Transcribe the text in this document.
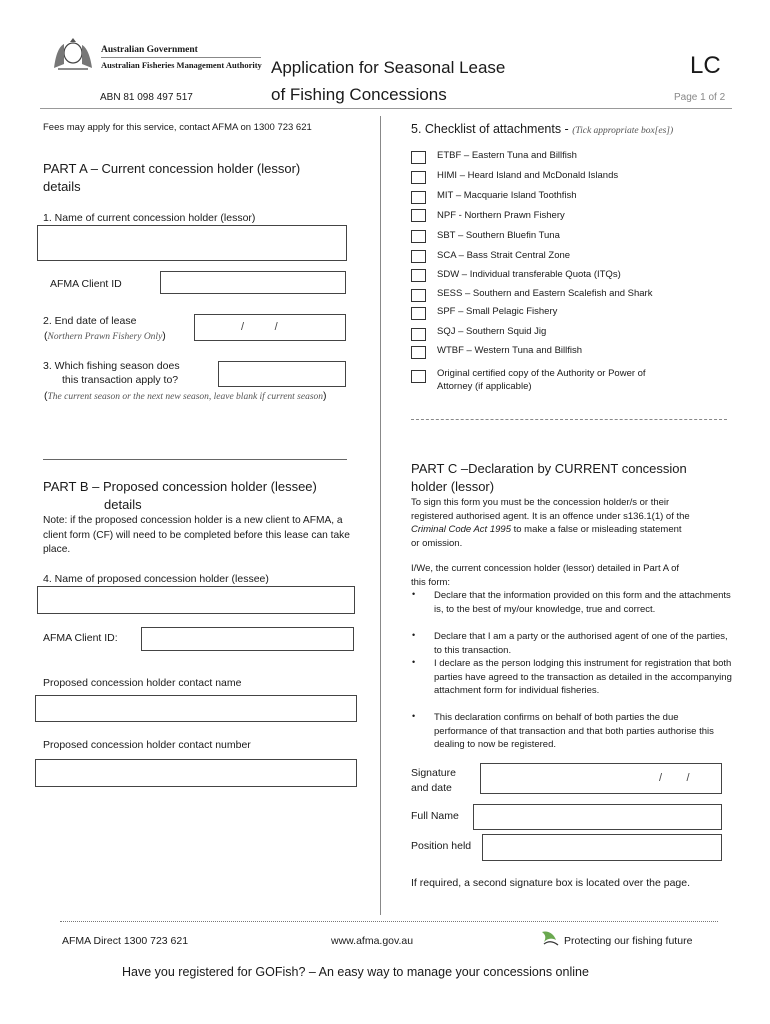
Australian Government
Australian Fisheries Management Authority
ABN 81 098 497 517
Application for Seasonal Lease
of Fishing Concessions
LC
Page 1 of 2
Fees may apply for this service, contact AFMA on 1300 723 621
PART A – Current concession holder (lessor)
details
1. Name of current concession holder (lessor)
AFMA Client ID
2. End date of lease
(Northern Prawn Fishery Only)
/          /
3. Which fishing season does
this transaction apply to?
(The current season or the next new season, leave blank if current season)
PART B – Proposed concession holder (lessee)
details
Note: if the proposed concession holder is a new client to AFMA, a client form (CF) will need to be completed before this lease can take place.
4. Name of proposed concession holder (lessee)
AFMA Client ID:
Proposed concession holder contact name
Proposed concession holder contact number
5. Checklist of attachments - (Tick appropriate box[es])
ETBF – Eastern Tuna and Billfish
HIMI – Heard Island and McDonald Islands
MIT – Macquarie Island Toothfish
NPF - Northern Prawn Fishery
SBT – Southern Bluefin Tuna
SCA – Bass Strait Central Zone
SDW – Individual transferable Quota (ITQs)
SESS – Southern and Eastern Scalefish and Shark
SPF – Small Pelagic Fishery
SQJ – Southern Squid Jig
WTBF – Western Tuna and Billfish
Original certified copy of the Authority or Power of
Attorney (if applicable)
PART C –Declaration by CURRENT concession
holder (lessor)
To sign this form you must be the concession holder/s or their
registered authorised agent. It is an offence under s136.1(1) of the
Criminal Code Act 1995 to make a false or misleading statement
or omission.
I/We, the current concession holder (lessor) detailed in Part A of
this form:
• Declare that the information provided on this form and the attachments is, to the best of my/our knowledge, true and correct.
• Declare that I am a party or the authorised agent of one of the parties, to this transaction.
• I declare as the person lodging this instrument for registration that both parties have agreed to the transaction as detailed in the accompanying attachment form for individual fisheries.
• This declaration confirms on behalf of both parties the due performance of that transaction and that both parties authorise this dealing to now be registered.
Signature
and date
/        /
Full Name
Position held
If required, a second signature box is located over the page.
AFMA Direct 1300 723 621	www.afma.gov.au	Protecting our fishing future
Have you registered for GOFish? – An easy way to manage your concessions online
